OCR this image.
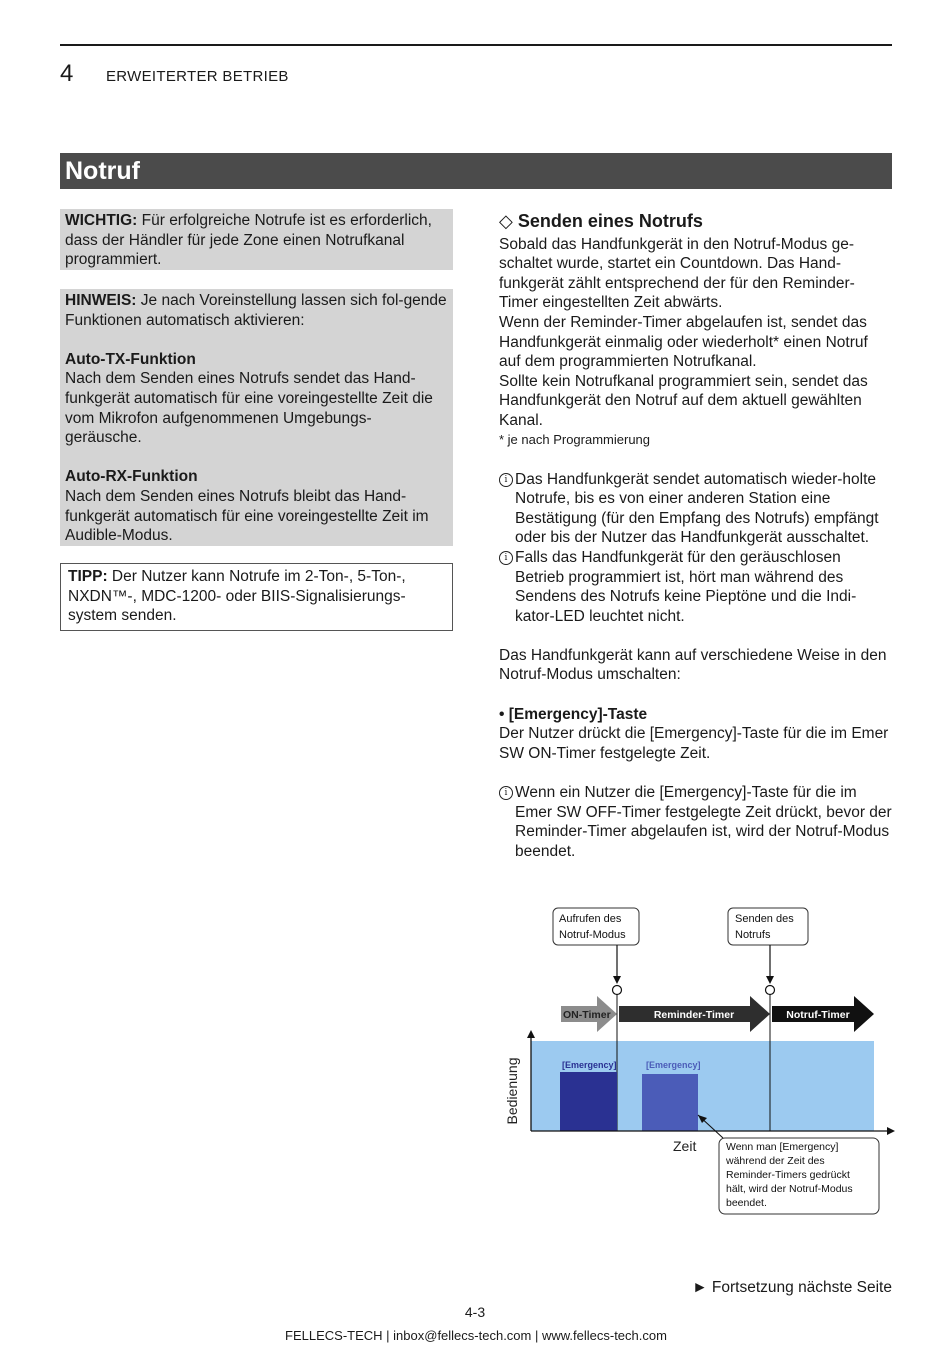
4 ERWEITERTER BETRIEB
Notruf
WICHTIG: Für erfolgreiche Notrufe ist es erforderlich, dass der Händler für jede Zone einen Notrufkanal programmiert.

HINWEIS: Je nach Voreinstellung lassen sich fol-gende Funktionen automatisch aktivieren:

Auto-TX-Funktion

Nach dem Senden eines Notrufs sendet das Hand-funkgerät automatisch für eine voreingestellte Zeit die vom Mikrofon aufgenommenen Umgebungs-geräusche.

Auto-RX-Funktion

Nach dem Senden eines Notrufs bleibt das Hand-funkgerät automatisch für eine voreingestellte Zeit im Audible-Modus.

TIPP: Der Nutzer kann Notrufe im 2-Ton-, 5-Ton-, NXDN™-, MDC-1200- oder BIIS-Signalisierungs-system senden.

◇ Senden eines Notrufs

Sobald das Handfunkgerät in den Notruf-Modus ge-schaltet wurde, startet ein Countdown. Das Hand-funkgerät zählt entsprechend der für den Reminder-Timer eingestellten Zeit abwärts.

Wenn der Reminder-Timer abgelaufen ist, sendet das Handfunkgerät einmalig oder wiederholt* einen Notruf auf dem programmierten Notrufkanal.

Sollte kein Notrufkanal programmiert sein, sendet das Handfunkgerät den Notruf auf dem aktuell gewählten Kanal.

* je nach Programmierung

i Das Handfunkgerät sendet automatisch wieder-holte Notrufe, bis es von einer anderen Station eine Bestätigung (für den Empfang des Notrufs) empfängt oder bis der Nutzer das Handfunkgerät ausschaltet.
i Falls das Handfunkgerät für den geräuschlosen Betrieb programmiert ist, hört man während des Sendens des Notrufs keine Pieptöne und die Indi-kator-LED leuchtet nicht.

Das Handfunkgerät kann auf verschiedene Weise in den Notruf-Modus umschalten:

• [Emergency]-Taste

Der Nutzer drückt die [Emergency]-Taste für die im Emer SW ON-Timer festgelegte Zeit.

i Wenn ein Nutzer die [Emergency]-Taste für die im Emer SW OFF-Timer festgelegte Zeit drückt, bevor der Reminder-Timer abgelaufen ist, wird der Notruf-Modus beendet.
Aufrufen des
Notruf-Modus
Senden des
Notrufs
ON-Timer	Reminder-Timer	Notruf-Timer
[Emergency]	[Emergency]
Bedienung
Zeit	Wenn man [Emergency]
während der Zeit des
Reminder-Timers gedrückt
hält, wird der Notruf-Modus
beendet.
► Fortsetzung nächste Seite
4-3
FELLECS-TECH | inbox@fellecs-tech.com | www.fellecs-tech.com
